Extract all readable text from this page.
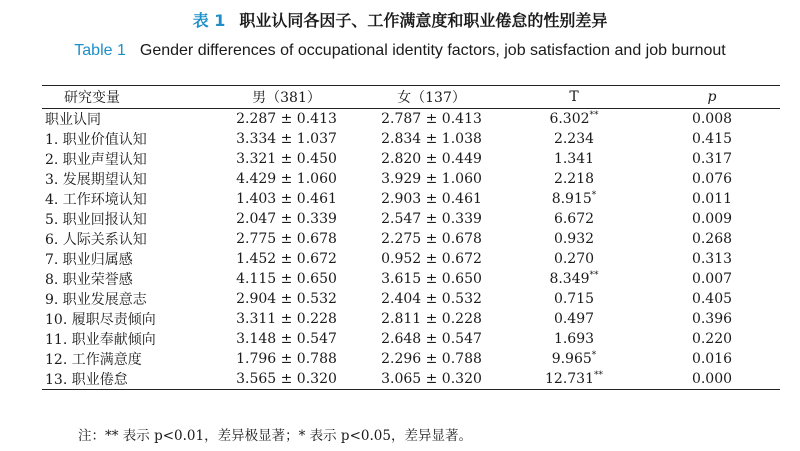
表 1 职业认同各因子、工作满意度和职业倦怠的性别差异
Table 1 Gender differences of occupational identity factors, job satisfaction and job burnout
研究变量	男（381）	女（137）	T	p
职业认同	2.287 ± 0.413	2.787 ± 0.413	6.302**	0.008
1. 职业价值认知	3.334 ± 1.037	2.834 ± 1.038	2.234	0.415
2. 职业声望认知	3.321 ± 0.450	2.820 ± 0.449	1.341	0.317
3. 发展期望认知	4.429 ± 1.060	3.929 ± 1.060	2.218	0.076
4. 工作环境认知	1.403 ± 0.461	2.903 ± 0.461	8.915*	0.011
5. 职业回报认知	2.047 ± 0.339	2.547 ± 0.339	6.672	0.009
6. 人际关系认知	2.775 ± 0.678	2.275 ± 0.678	0.932	0.268
7. 职业归属感	1.452 ± 0.672	0.952 ± 0.672	0.270	0.313
8. 职业荣誉感	4.115 ± 0.650	3.615 ± 0.650	8.349**	0.007
9. 职业发展意志	2.904 ± 0.532	2.404 ± 0.532	0.715	0.405
10. 履职尽责倾向	3.311 ± 0.228	2.811 ± 0.228	0.497	0.396
11. 职业奉献倾向	3.148 ± 0.547	2.648 ± 0.547	1.693	0.220
12. 工作满意度	1.796 ± 0.788	2.296 ± 0.788	9.965*	0.016
13. 职业倦怠	3.565 ± 0.320	3.065 ± 0.320	12.731**	0.000
注：** 表示 p<0.01，差异极显著；* 表示 p<0.05，差异显著。
